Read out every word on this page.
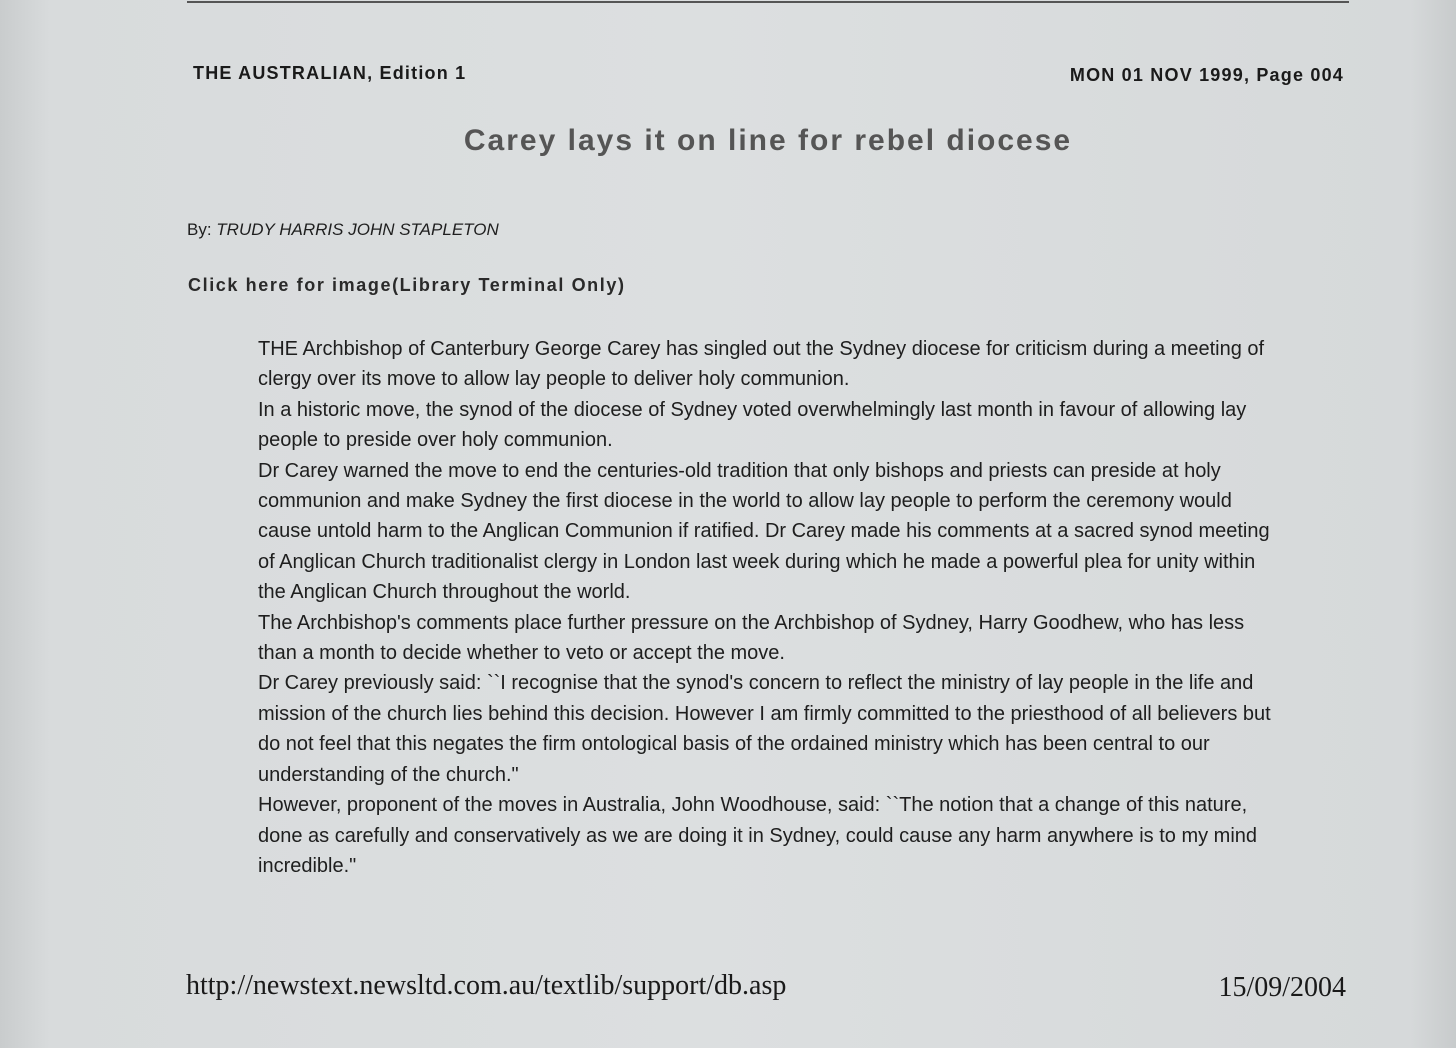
THE AUSTRALIAN, Edition 1	MON 01 NOV 1999, Page 004
Carey lays it on line for rebel diocese
By: TRUDY HARRIS JOHN STAPLETON
Click here for image(Library Terminal Only)

THE Archbishop of Canterbury George Carey has singled out the Sydney diocese for criticism during a meeting of clergy over its move to allow lay people to deliver holy communion.

In a historic move, the synod of the diocese of Sydney voted overwhelmingly last month in favour of allowing lay people to preside over holy communion.

Dr Carey warned the move to end the centuries-old tradition that only bishops and priests can preside at holy communion and make Sydney the first diocese in the world to allow lay people to perform the ceremony would cause untold harm to the Anglican Communion if ratified. Dr Carey made his comments at a sacred synod meeting of Anglican Church traditionalist clergy in London last week during which he made a powerful plea for unity within the Anglican Church throughout the world.

The Archbishop's comments place further pressure on the Archbishop of Sydney, Harry Goodhew, who has less than a month to decide whether to veto or accept the move.

Dr Carey previously said: ``I recognise that the synod's concern to reflect the ministry of lay people in the life and mission of the church lies behind this decision. However I am firmly committed to the priesthood of all believers but do not feel that this negates the firm ontological basis of the ordained ministry which has been central to our understanding of the church."

However, proponent of the moves in Australia, John Woodhouse, said: ``The notion that a change of this nature, done as carefully and conservatively as we are doing it in Sydney, could cause any harm anywhere is to my mind incredible."

http://newstext.newsltd.com.au/textlib/support/db.asp	15/09/2004
